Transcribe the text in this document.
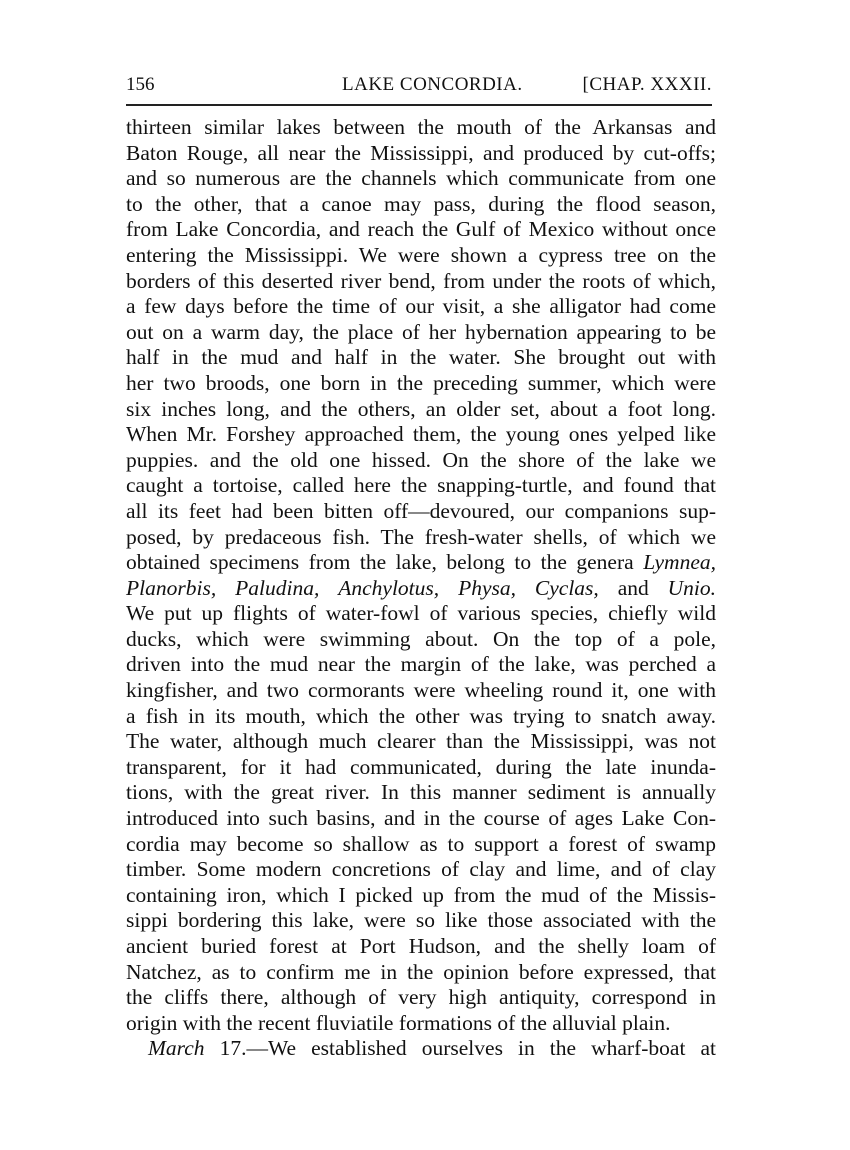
156	LAKE CONCORDIA.	[CHAP. XXXII.
thirteen similar lakes between the mouth of the Arkansas and
Baton Rouge, all near the Mississippi, and produced by cut-offs;
and so numerous are the channels which communicate from one
to the other, that a canoe may pass, during the flood season,
from Lake Concordia, and reach the Gulf of Mexico without once
entering the Mississippi. We were shown a cypress tree on the
borders of this deserted river bend, from under the roots of which,
a few days before the time of our visit, a she alligator had come
out on a warm day, the place of her hybernation appearing to be
half in the mud and half in the water. She brought out with
her two broods, one born in the preceding summer, which were
six inches long, and the others, an older set, about a foot long.
When Mr. Forshey approached them, the young ones yelped like
puppies. and the old one hissed. On the shore of the lake we
caught a tortoise, called here the snapping-turtle, and found that
all its feet had been bitten off—devoured, our companions sup-
posed, by predaceous fish. The fresh-water shells, of which we
obtained specimens from the lake, belong to the genera Lymnea,
Planorbis, Paludina, Anchylotus, Physa, Cyclas, and Unio.
We put up flights of water-fowl of various species, chiefly wild
ducks, which were swimming about. On the top of a pole,
driven into the mud near the margin of the lake, was perched a
kingfisher, and two cormorants were wheeling round it, one with
a fish in its mouth, which the other was trying to snatch away.
The water, although much clearer than the Mississippi, was not
transparent, for it had communicated, during the late inunda-
tions, with the great river. In this manner sediment is annually
introduced into such basins, and in the course of ages Lake Con-
cordia may become so shallow as to support a forest of swamp
timber. Some modern concretions of clay and lime, and of clay
containing iron, which I picked up from the mud of the Missis-
sippi bordering this lake, were so like those associated with the
ancient buried forest at Port Hudson, and the shelly loam of
Natchez, as to confirm me in the opinion before expressed, that
the cliffs there, although of very high antiquity, correspond in
origin with the recent fluviatile formations of the alluvial plain.
March 17.—We established ourselves in the wharf-boat at
